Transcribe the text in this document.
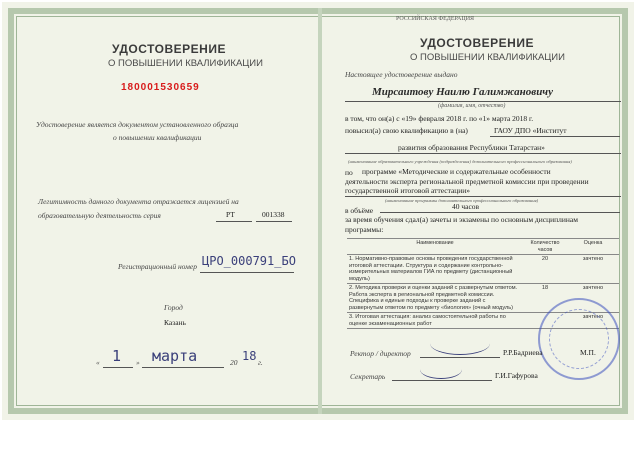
УДОСТОВЕРЕНИЕ
О ПОВЫШЕНИИ КВАЛИФИКАЦИИ
180001530659
Удостоверение является документом установленного образца
о повышении квалификации
Легитимность данного документа отражается лицензией на
образовательную деятельность серия	РТ	001338
Регистрационный номер ЦРО_000791_БО
Город
Казань
« 1 » марта	20 18 г.
РОССИЙСКАЯ ФЕДЕРАЦИЯ
УДОСТОВЕРЕНИЕ
О ПОВЫШЕНИИ КВАЛИФИКАЦИИ
Настоящее удостоверение выдано
Мирсаитову Наилю Галимжановичу
(фамилия, имя, отчество)
в том, что он(а) с «19» февраля 2018 г. по «1» марта 2018 г.
повысил(а) свою квалификацию в (на)	ГАОУ ДПО «Институт
развития образования Республики Татарстан»
(наименование образовательного учреждения (подразделения) дополнительного профессионального образования)
по программе «Методические и содержательные особенности
деятельности эксперта региональной предметной комиссии при проведении
государственной итоговой аттестации»
(наименование программы дополнительного профессионального образования)
в объёме	40 часов
за время обучения сдал(а) зачеты и экзамены по основным дисциплинам
программы:
Наименование	Количество часов	Оценка
1. Нормативно-правовые основы проведения государственной итоговой аттестации. Структура и содержание контрольно-измерительных материалов ГИА по предмету (дистанционный модуль)	20	зачтено
2. Методика проверки и оценки заданий с развернутым ответом. Работа эксперта в региональной предметной комиссии. Специфика и единые подходы к проверке заданий с развернутым ответом по предмету «биология» (очный модуль)	18	зачтено
3. Итоговая аттестация: анализ самостоятельной работы по оценке экзаменационных работ		зачтено
Ректор / директор	Р.Р.Бадриева	М.П.
Секретарь	Г.И.Гафурова
